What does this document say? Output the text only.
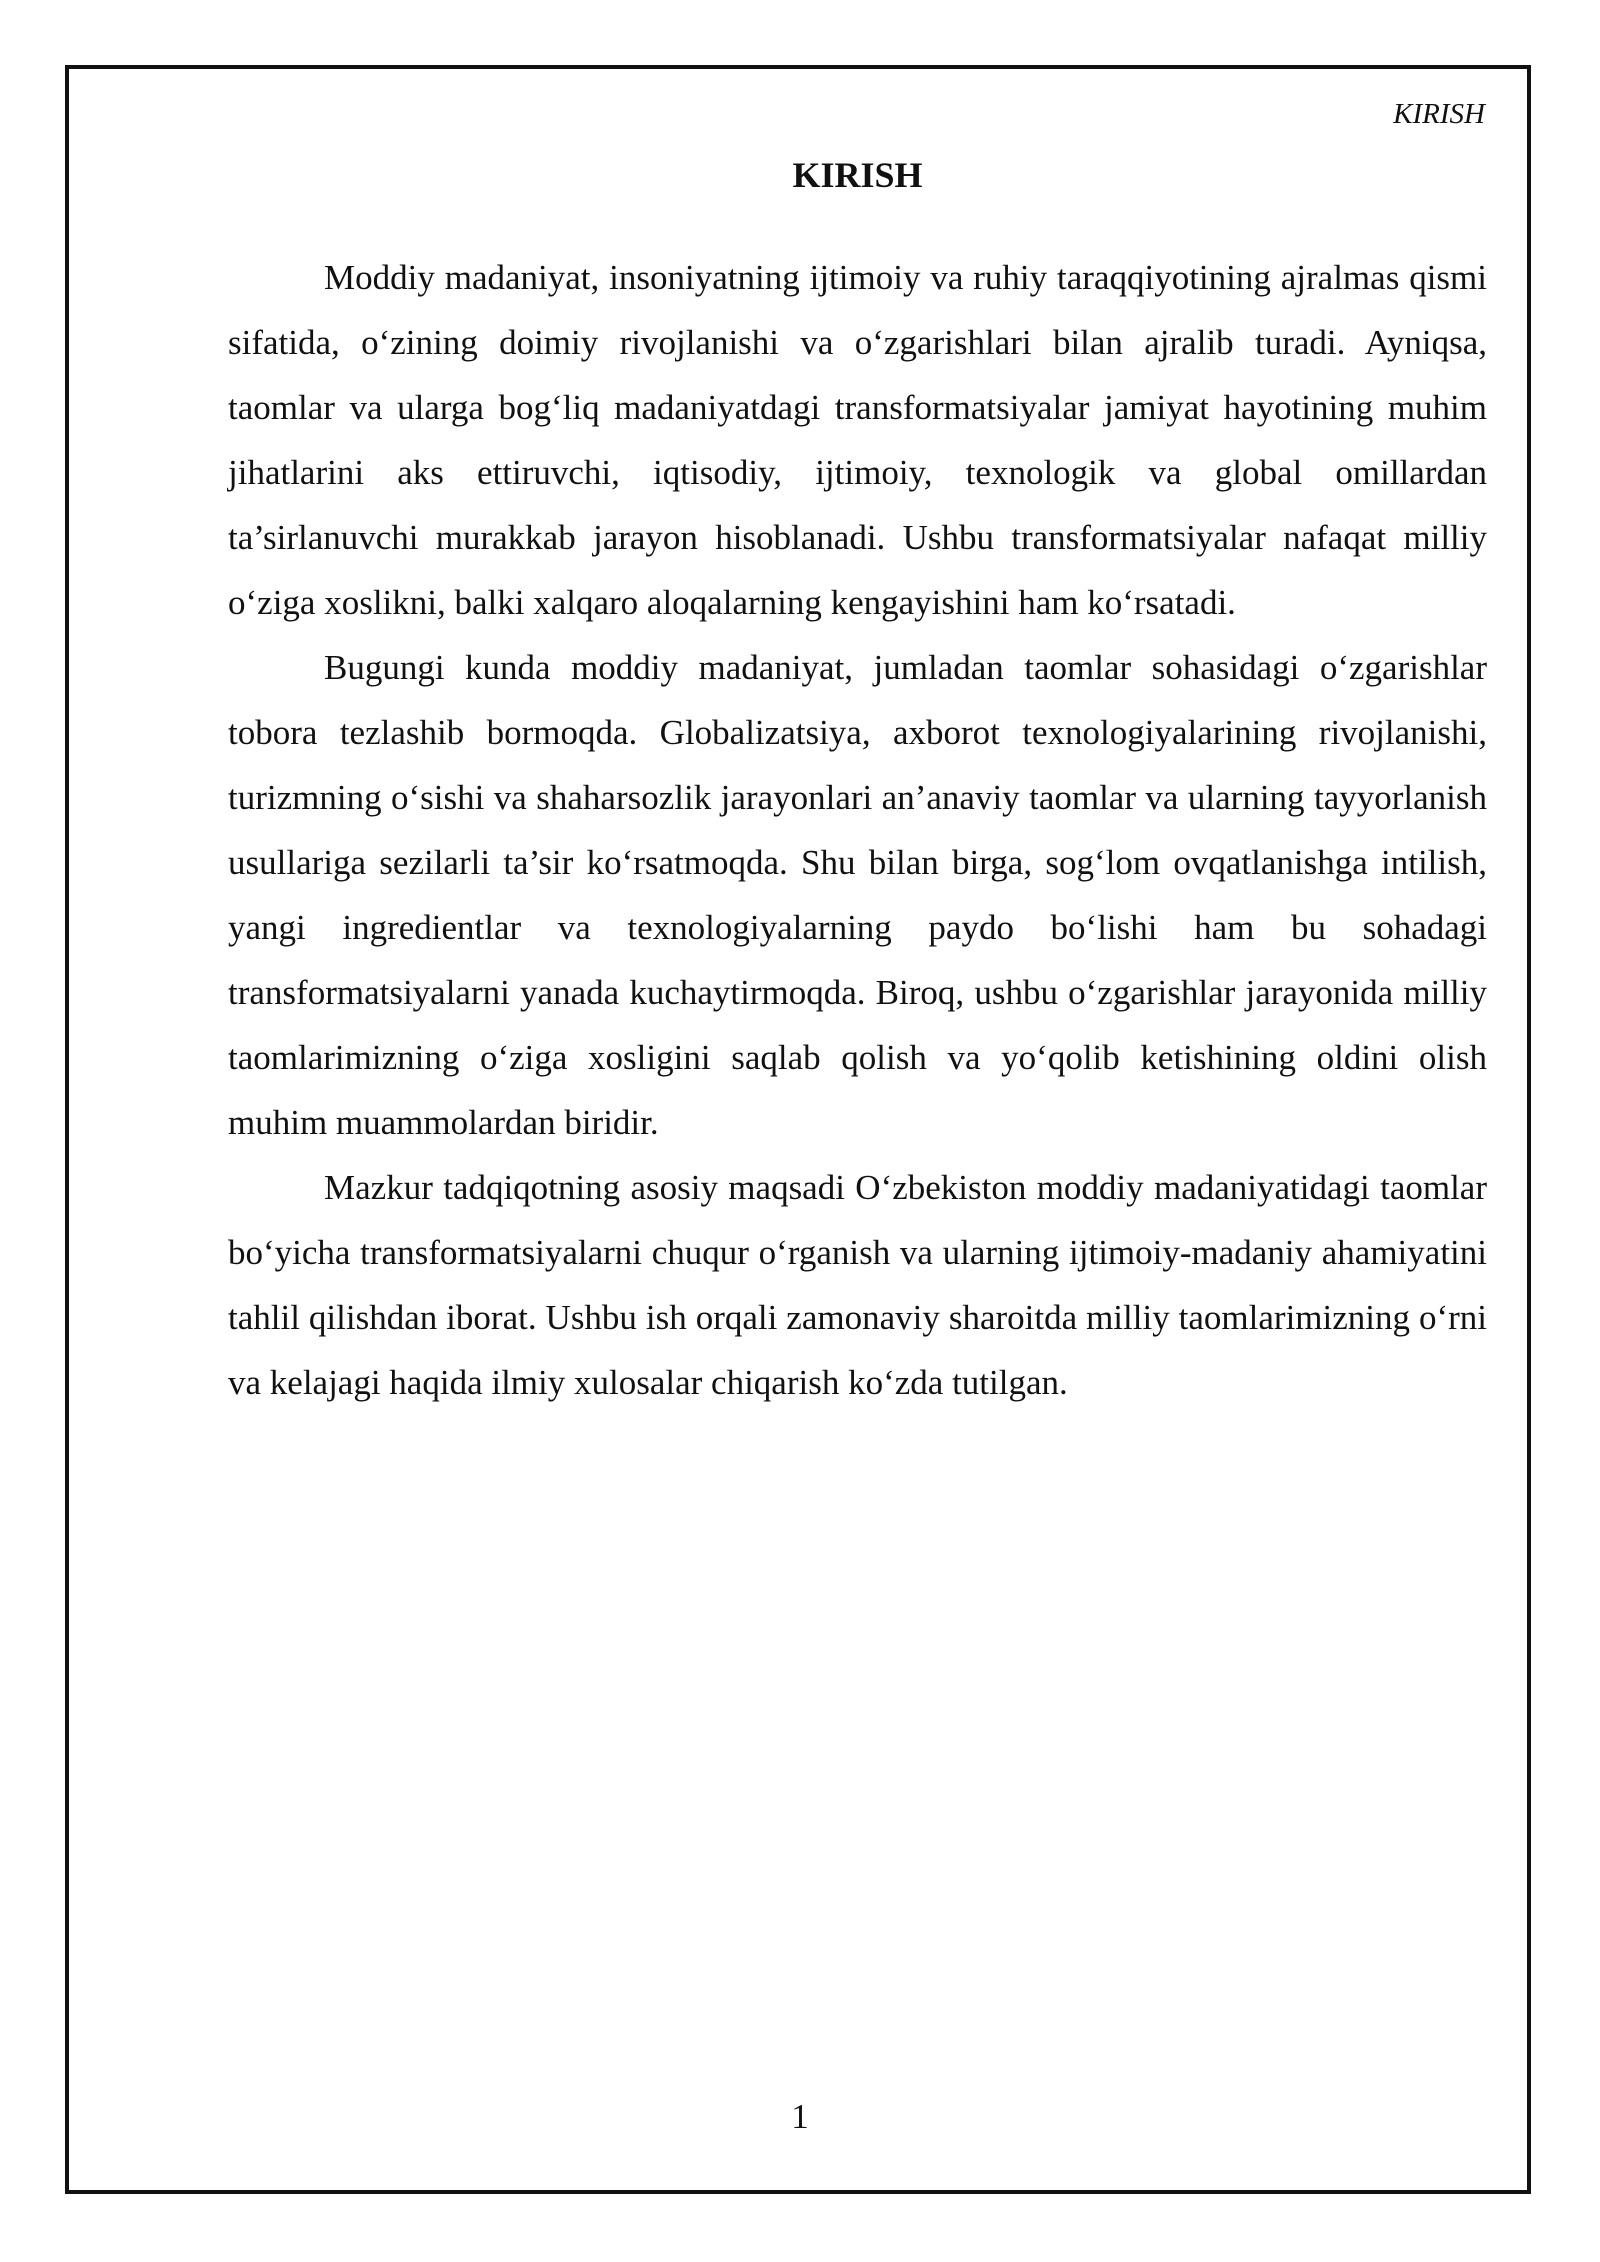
KIRISH
KIRISH

Moddiy madaniyat, insoniyatning ijtimoiy va ruhiy taraqqiyotining ajralmas qismi sifatida, o‘zining doimiy rivojlanishi va o‘zgarishlari bilan ajralib turadi. Ayniqsa, taomlar va ularga bog‘liq madaniyatdagi transformatsiyalar jamiyat hayotining muhim jihatlarini aks ettiruvchi, iqtisodiy, ijtimoiy, texnologik va global omillardan ta’sirlanuvchi murakkab jarayon hisoblanadi. Ushbu transformatsiyalar nafaqat milliy o‘ziga xoslikni, balki xalqaro aloqalarning kengayishini ham ko‘rsatadi.

Bugungi kunda moddiy madaniyat, jumladan taomlar sohasidagi o‘zgarishlar tobora tezlashib bormoqda. Globalizatsiya, axborot texnologiyalarining rivojlanishi, turizmning o‘sishi va shaharsozlik jarayonlari an’anaviy taomlar va ularning tayyorlanish usullariga sezilarli ta’sir ko‘rsatmoqda. Shu bilan birga, sog‘lom ovqatlanishga intilish, yangi ingredientlar va texnologiyalarning paydo bo‘lishi ham bu sohadagi transformatsiyalarni yanada kuchaytirmoqda. Biroq, ushbu o‘zgarishlar jarayonida milliy taomlarimizning o‘ziga xosligini saqlab qolish va yo‘qolib ketishining oldini olish muhim muammolardan biridir.

Mazkur tadqiqotning asosiy maqsadi O‘zbekiston moddiy madaniyatidagi taomlar bo‘yicha transformatsiyalarni chuqur o‘rganish va ularning ijtimoiy-madaniy ahamiyatini tahlil qilishdan iborat. Ushbu ish orqali zamonaviy sharoitda milliy taomlarimizning o‘rni va kelajagi haqida ilmiy xulosalar chiqarish ko‘zda tutilgan.

1
